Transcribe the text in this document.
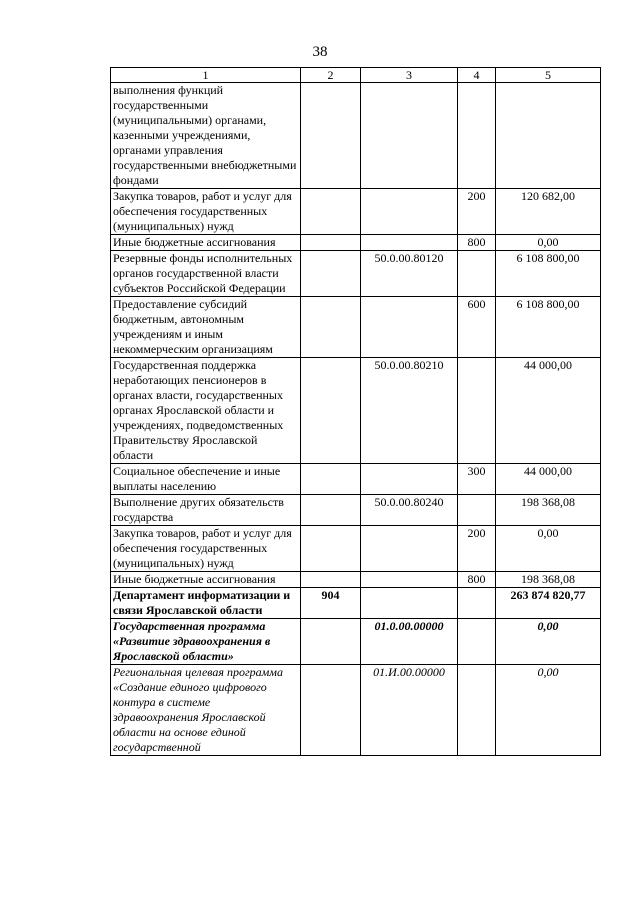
38
1	2	3	4	5
выполнения функций государственными (муниципальными) органами, казенными учреждениями, органами управления государственными внебюджетными фондами				
Закупка товаров, работ и услуг для обеспечения государственных (муниципальных) нужд			200	120 682,00
Иные бюджетные ассигнования			800	0,00
Резервные фонды исполнительных органов государственной власти субъектов Российской Федерации		50.0.00.80120		6 108 800,00
Предоставление субсидий бюджетным, автономным учреждениям и иным некоммерческим организациям			600	6 108 800,00
Государственная поддержка неработающих пенсионеров в органах власти, государственных органах Ярославской области и учреждениях, подведомственных Правительству Ярославской области		50.0.00.80210		44 000,00
Социальное обеспечение и иные выплаты населению			300	44 000,00
Выполнение других обязательств государства		50.0.00.80240		198 368,08
Закупка товаров, работ и услуг для обеспечения государственных (муниципальных) нужд			200	0,00
Иные бюджетные ассигнования			800	198 368,08
Департамент информатизации и связи Ярославской области	904			263 874 820,77
Государственная программа «Развитие здравоохранения в Ярославской области»		01.0.00.00000		0,00
Региональная целевая программа «Создание единого цифрового контура в системе здравоохранения Ярославской области на основе единой государственной		01.И.00.00000		0,00
